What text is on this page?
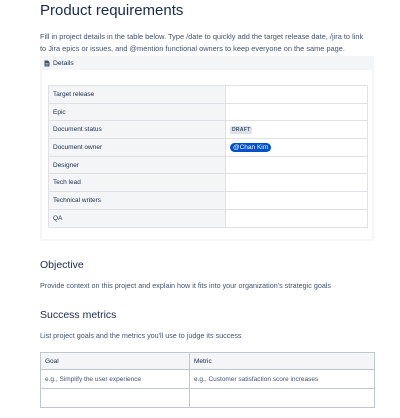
Product requirements

Fill in project details in the table below. Type /date to quickly add the target release date, /jira to link to Jira epics or issues, and @mention functional owners to keep everyone on the same page.

Details
Target release	
Epic	
Document status	DRAFT
Document owner	@Chan Kim
Designer	
Tech lead	
Technical writers	
QA	
Objective

Provide context on this project and explain how it fits into your organization's strategic goals

Success metrics

List project goals and the metrics you'll use to judge its success

Goal	Metric
e.g., Simplify the user experience	e.g., Customer satisfaction score increases
